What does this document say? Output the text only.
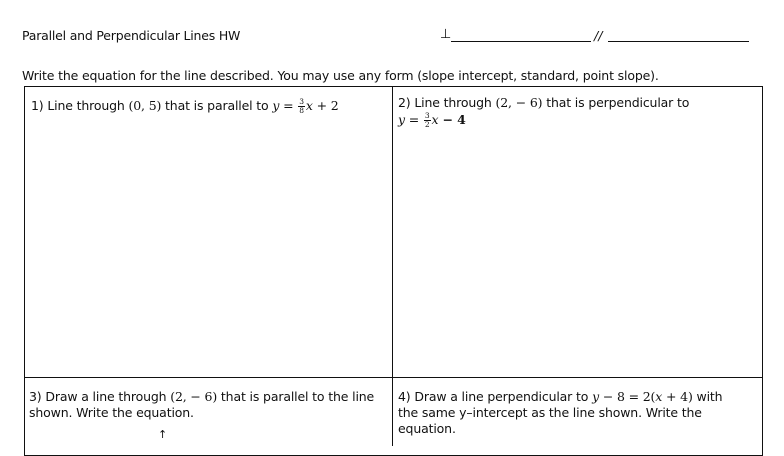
Parallel and Perpendicular Lines HW	⊥	//
Write the equation for the line described. You may use any form (slope intercept, standard, point slope).
1) Line through (0, 5) that is parallel to $y = \frac{3}{8}$ x + 2	2) Line through (2, − 6) that is perpendicular to
$y = \frac{3}{2}$ x − 4
3) Draw a line through (2, − 6) that is parallel to the line
shown. Write the equation.
4) Draw a line perpendicular to y − 8 = 2(x + 4) with
the same y–intercept as the line shown. Write the
equation.
↑
